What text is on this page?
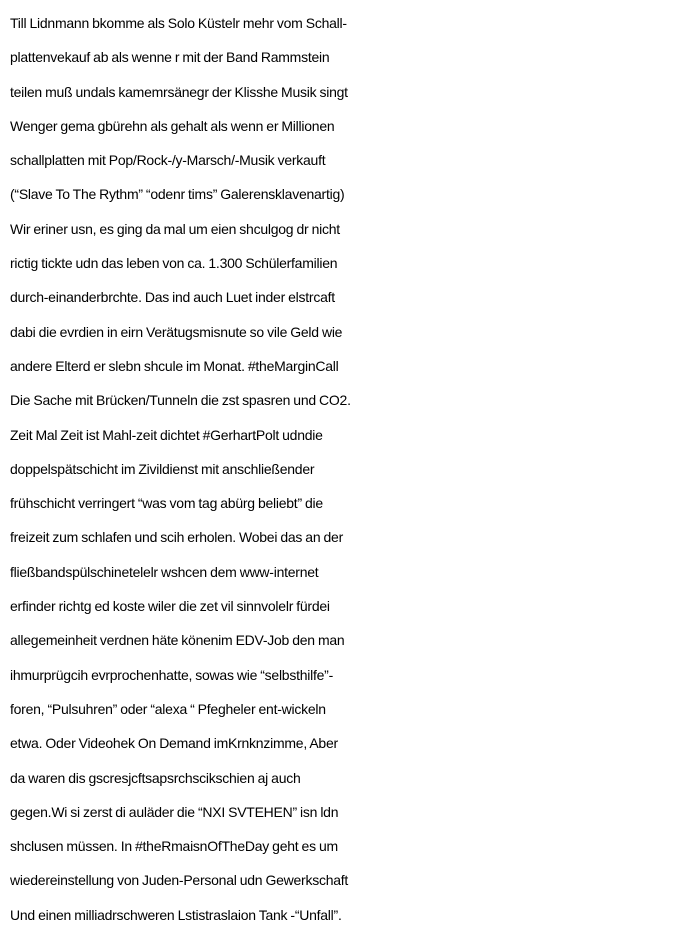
Till Lidnmann bkomme als Solo Küstelr mehr vom Schall-
plattenvekauf ab als wenne r mit der Band Rammstein
teilen muß undals kamemrsänegr der Klisshe Musik singt
Wenger gema gbürehn als gehalt als wenn er Millionen
schallplatten mit Pop/Rock-/y-Marsch/-Musik verkauft
(“Slave To The Rythm” “odenr tims” Galerensklavenartig)
Wir eriner usn, es ging da mal um eien shculgog dr nicht
rictig tickte udn das leben von ca. 1.300 Schülerfamilien
durch-einanderbrchte. Das ind auch Luet inder elstrcaft
dabi die evrdien in eirn Verätugsmisnute so vile Geld wie
andere Elterd er slebn shcule im Monat. #theMarginCall
Die Sache mit Brücken/Tunneln die zst spasren und CO2.
Zeit Mal Zeit ist Mahl-zeit dichtet #GerhartPolt udndie
doppelspätschicht im Zivildienst mit anschließender
frühschicht verringert “was vom tag abürg beliebt” die
freizeit zum schlafen und scih erholen. Wobei das an der
fließbandspülschinetelelr wshcen dem www-internet
erfinder richtg ed koste wiler die zet vil sinnvolelr fürdei
allegemeinheit verdnen häte könenim EDV-Job den man
ihmurprügcih evrprochenhatte, sowas wie “selbsthilfe”-
foren, “Pulsuhren” oder “alexa “ Pfegheler ent-wickeln
etwa. Oder Videohek On Demand imKrnknzimme, Aber
da waren dis gscresjcftsapsrchscikschien aj auch
gegen.Wi si zerst di auläder die “NXI SVTEHEN” isn ldn
shclusen müssen. In #theRmaisnOfTheDay geht es um
wiedereinstellung von Juden-Personal udn Gewerkschaft
Und einen milliadrschweren Lstistraslaion Tank -“Unfall”.
